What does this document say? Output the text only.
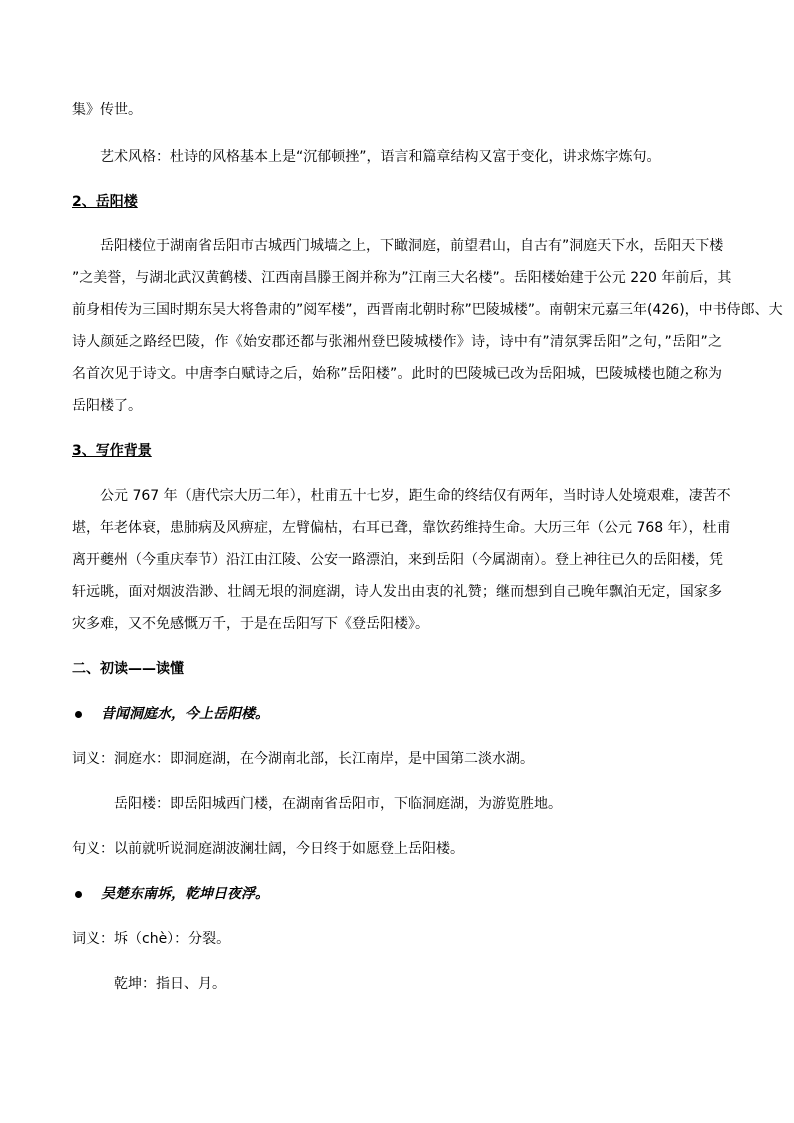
集》传世。
艺术风格：杜诗的风格基本上是“沉郁顿挫”，语言和篇章结构又富于变化，讲求炼字炼句。
2、岳阳楼
岳阳楼位于湖南省岳阳市古城西门城墙之上，下瞰洞庭，前望君山，自古有”洞庭天下水，岳阳天下楼
”之美誉，与湖北武汉黄鹤楼、江西南昌滕王阁并称为”江南三大名楼”。岳阳楼始建于公元 220 年前后，其
前身相传为三国时期东吴大将鲁肃的”阅军楼”，西晋南北朝时称”巴陵城楼”。南朝宋元嘉三年(426)，中书侍郎、大
诗人颜延之路经巴陵，作《始安郡还都与张湘州登巴陵城楼作》诗，诗中有”清氛霁岳阳”之句，”岳阳”之
名首次见于诗文。中唐李白赋诗之后，始称”岳阳楼”。此时的巴陵城已改为岳阳城，巴陵城楼也随之称为
岳阳楼了。
3、写作背景
公元 767 年（唐代宗大历二年），杜甫五十七岁，距生命的终结仅有两年，当时诗人处境艰难，凄苦不
堪，年老体衰，患肺病及风痹症，左臂偏枯，右耳已聋，靠饮药维持生命。大历三年（公元 768 年），杜甫
离开夔州（今重庆奉节）沿江由江陵、公安一路漂泊，来到岳阳（今属湖南）。登上神往已久的岳阳楼，凭
轩远眺，面对烟波浩渺、壮阔无垠的洞庭湖，诗人发出由衷的礼赞；继而想到自己晚年飘泊无定，国家多
灾多难，又不免感慨万千，于是在岳阳写下《登岳阳楼》。
二、初读——读懂
昔闻洞庭水，今上岳阳楼。
词义：洞庭水：即洞庭湖，在今湖南北部，长江南岸，是中国第二淡水湖。
岳阳楼：即岳阳城西门楼，在湖南省岳阳市，下临洞庭湖，为游览胜地。
句义：以前就听说洞庭湖波澜壮阔，今日终于如愿登上岳阳楼。
吴楚东南坼，乾坤日夜浮。
词义：坼（chè）：分裂。
乾坤：指日、月。
